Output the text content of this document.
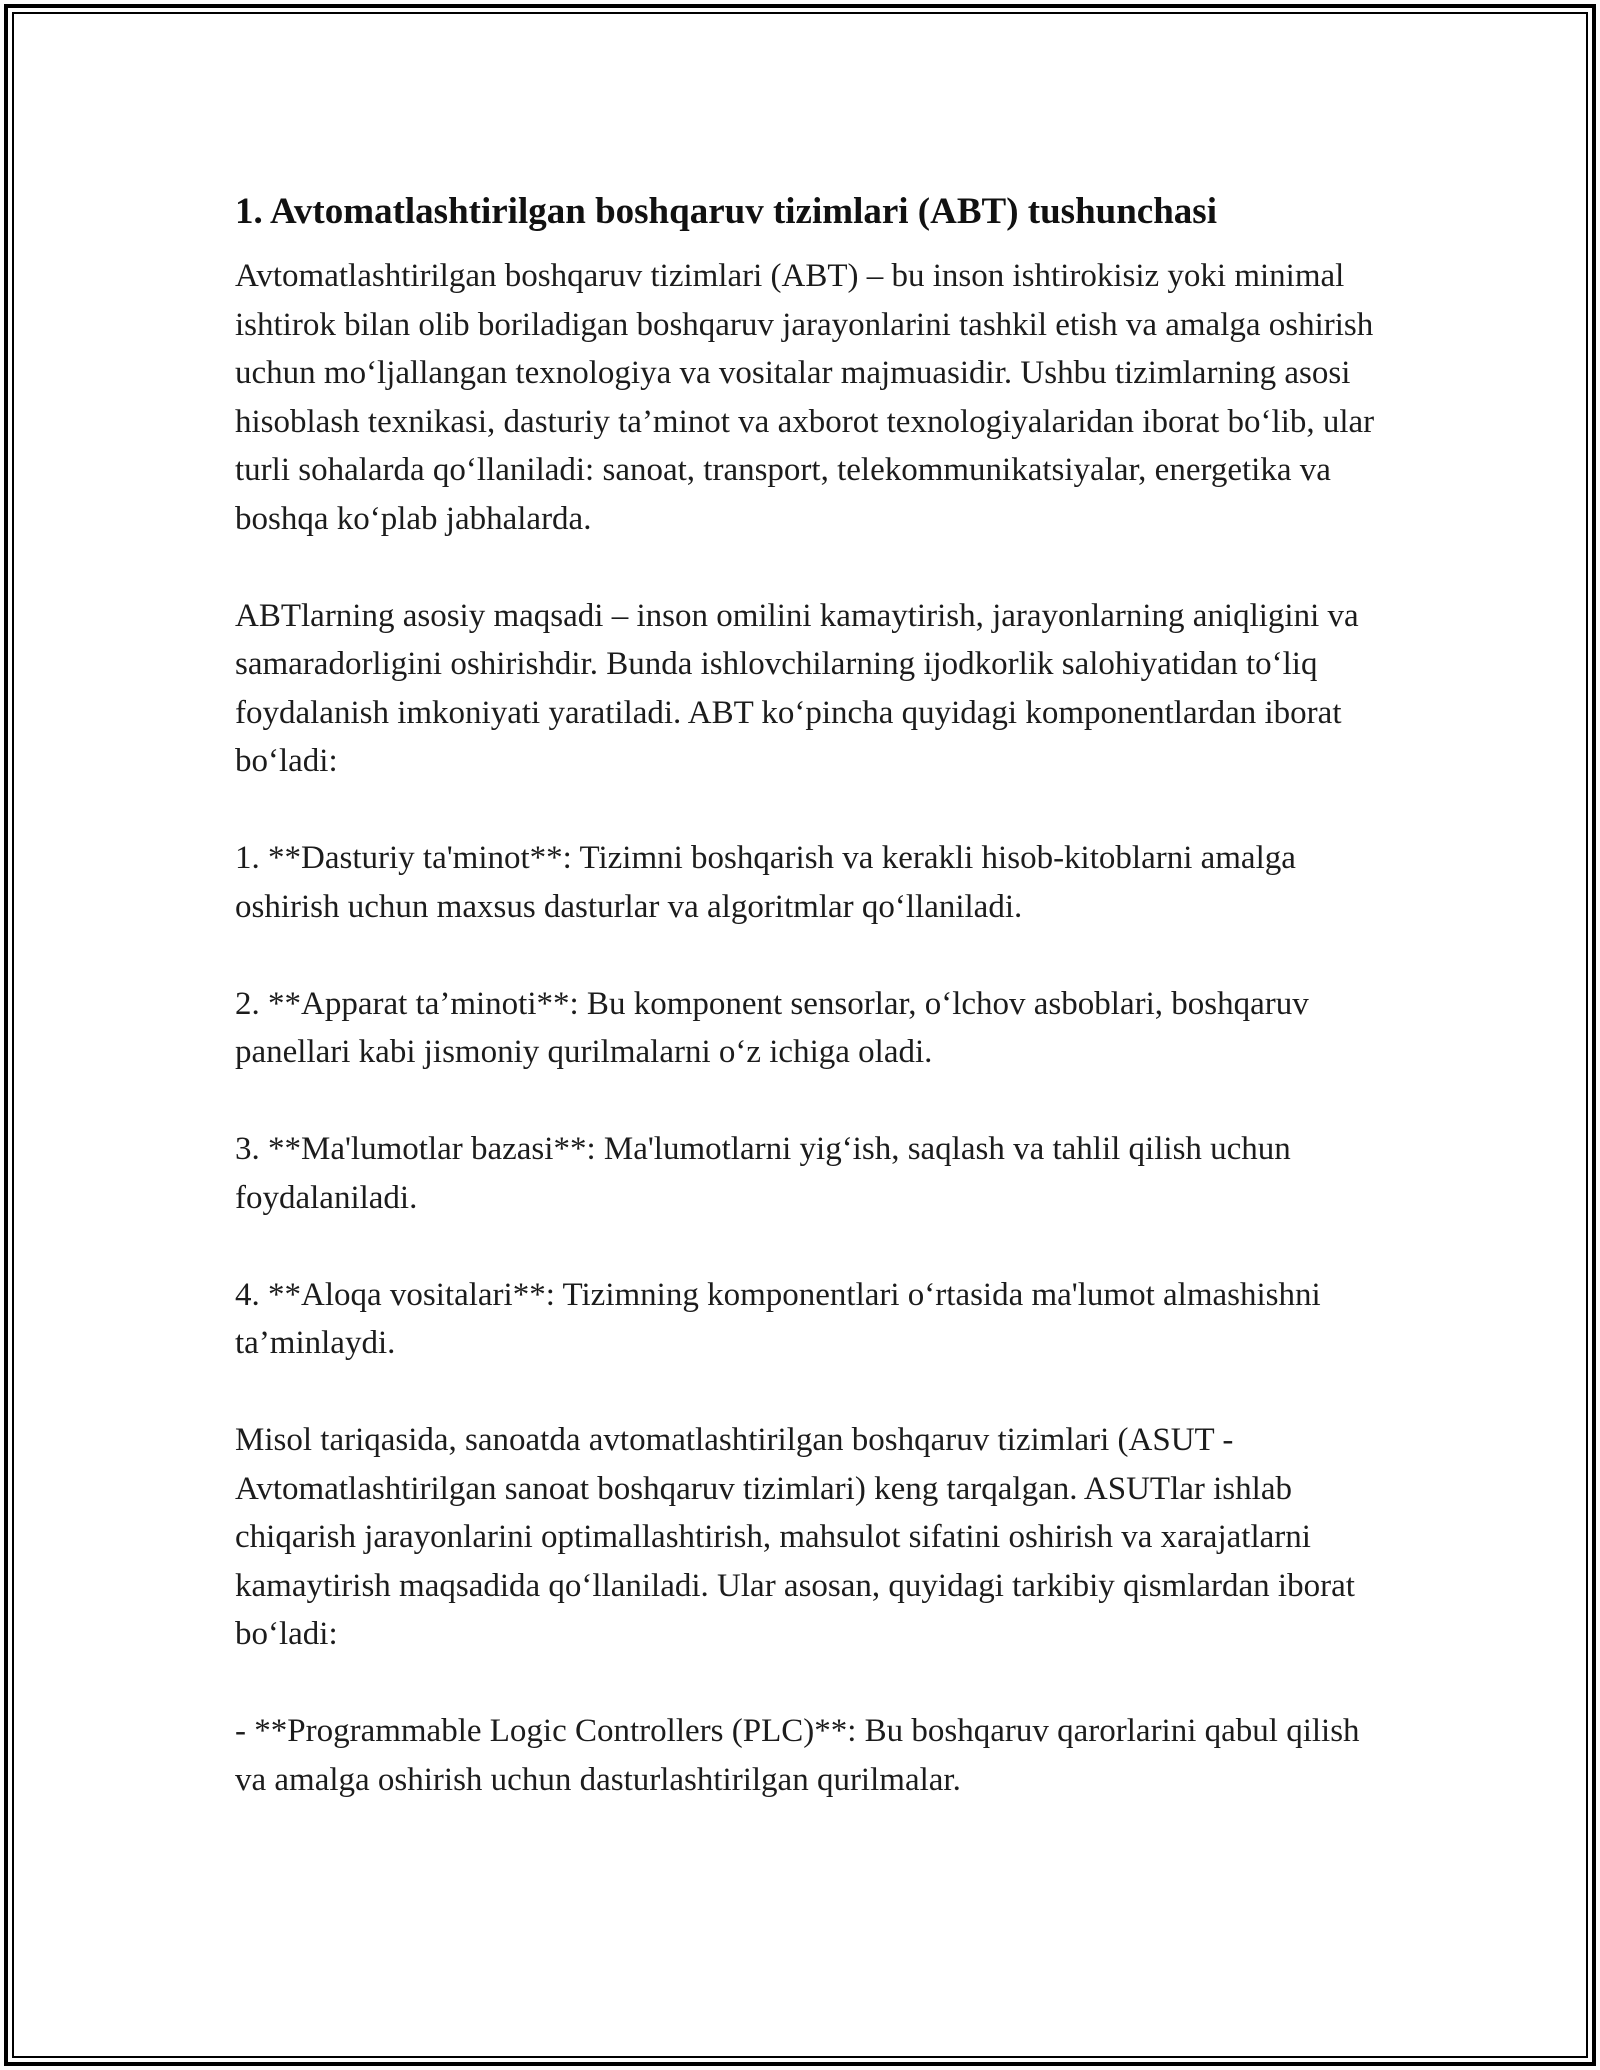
1. Avtomatlashtirilgan boshqaruv tizimlari (ABT) tushunchasi

Avtomatlashtirilgan boshqaruv tizimlari (ABT) – bu inson ishtirokisiz yoki minimal ishtirok bilan olib boriladigan boshqaruv jarayonlarini tashkil etish va amalga oshirish uchun mo‘ljallangan texnologiya va vositalar majmuasidir. Ushbu tizimlarning asosi hisoblash texnikasi, dasturiy ta’minot va axborot texnologiyalaridan iborat bo‘lib, ular turli sohalarda qo‘llaniladi: sanoat, transport, telekommunikatsiyalar, energetika va boshqa ko‘plab jabhalarda.

ABTlarning asosiy maqsadi – inson omilini kamaytirish, jarayonlarning aniqligini va samaradorligini oshirishdir. Bunda ishlovchilarning ijodkorlik salohiyatidan to‘liq foydalanish imkoniyati yaratiladi. ABT ko‘pincha quyidagi komponentlardan iborat bo‘ladi:

1. **Dasturiy ta'minot**: Tizimni boshqarish va kerakli hisob-kitoblarni amalga oshirish uchun maxsus dasturlar va algoritmlar qo‘llaniladi.

2. **Apparat ta’minoti**: Bu komponent sensorlar, o‘lchov asboblari, boshqaruv panellari kabi jismoniy qurilmalarni o‘z ichiga oladi.

3. **Ma'lumotlar bazasi**: Ma'lumotlarni yig‘ish, saqlash va tahlil qilish uchun foydalaniladi.

4. **Aloqa vositalari**: Tizimning komponentlari o‘rtasida ma'lumot almashishni ta’minlaydi.

Misol tariqasida, sanoatda avtomatlashtirilgan boshqaruv tizimlari (ASUT - Avtomatlashtirilgan sanoat boshqaruv tizimlari) keng tarqalgan. ASUTlar ishlab chiqarish jarayonlarini optimallashtirish, mahsulot sifatini oshirish va xarajatlarni kamaytirish maqsadida qo‘llaniladi. Ular asosan, quyidagi tarkibiy qismlardan iborat bo‘ladi:

- **Programmable Logic Controllers (PLC)**: Bu boshqaruv qarorlarini qabul qilish va amalga oshirish uchun dasturlashtirilgan qurilmalar.
